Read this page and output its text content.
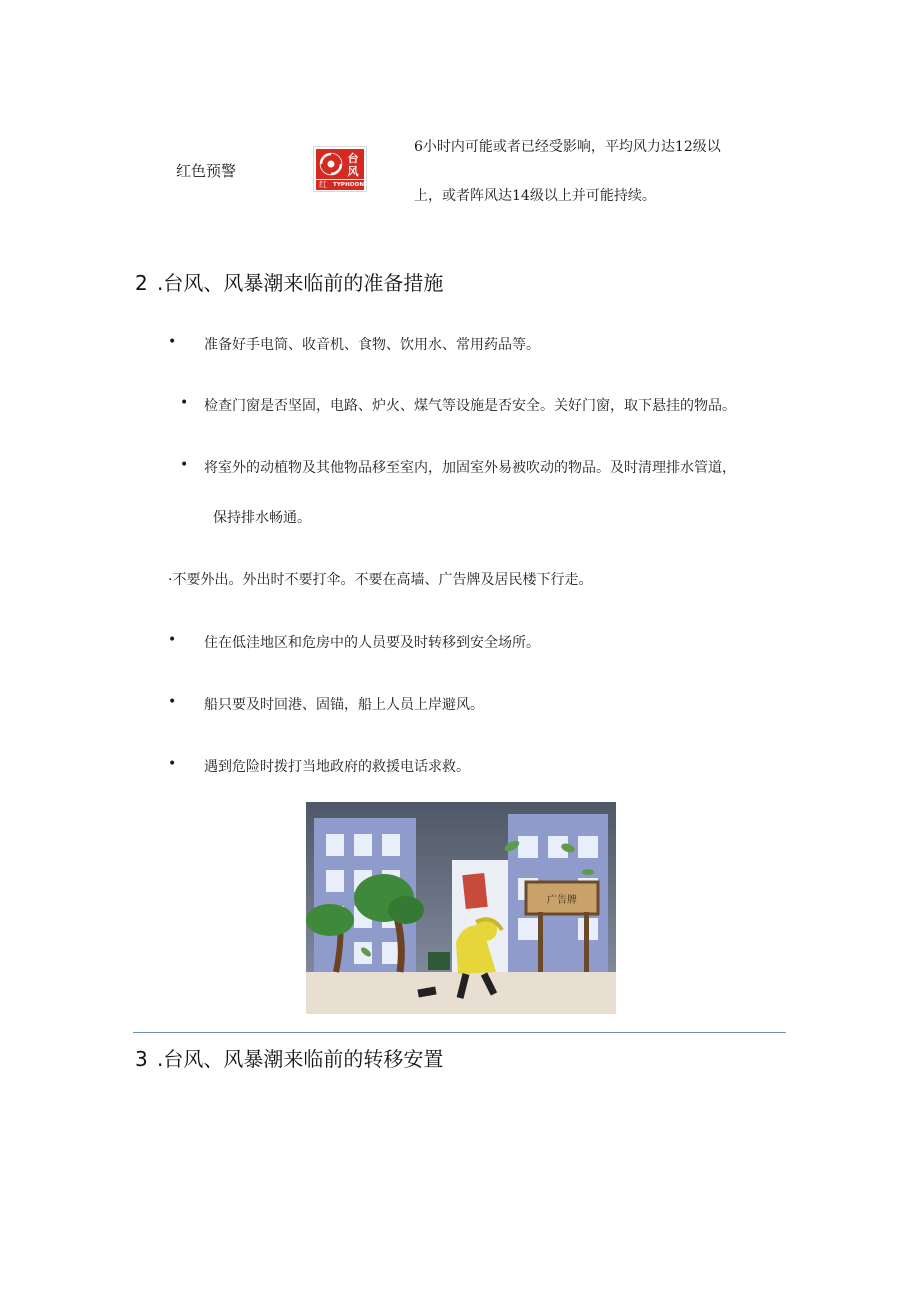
红色预警
台风
红	TYPHOON
6小时内可能或者已经受影响，平均风力达12级以
上，或者阵风达14级以上并可能持续。
2 .台风、风暴潮来临前的准备措施
• 准备好手电筒、收音机、食物、饮用水、常用药品等。
• 检查门窗是否坚固，电路、炉火、煤气等设施是否安全。关好门窗，取下悬挂的物品。
• 将室外的动植物及其他物品移至室内，加固室外易被吹动的物品。及时清理排水管道，
保持排水畅通。
·不要外出。外出时不要打伞。不要在高墙、广告牌及居民楼下行走。
• 住在低洼地区和危房中的人员要及时转移到安全场所。
• 船只要及时回港、固锚，船上人员上岸避风。
• 遇到危险时拨打当地政府的救援电话求救。
广告牌
3 .台风、风暴潮来临前的转移安置
